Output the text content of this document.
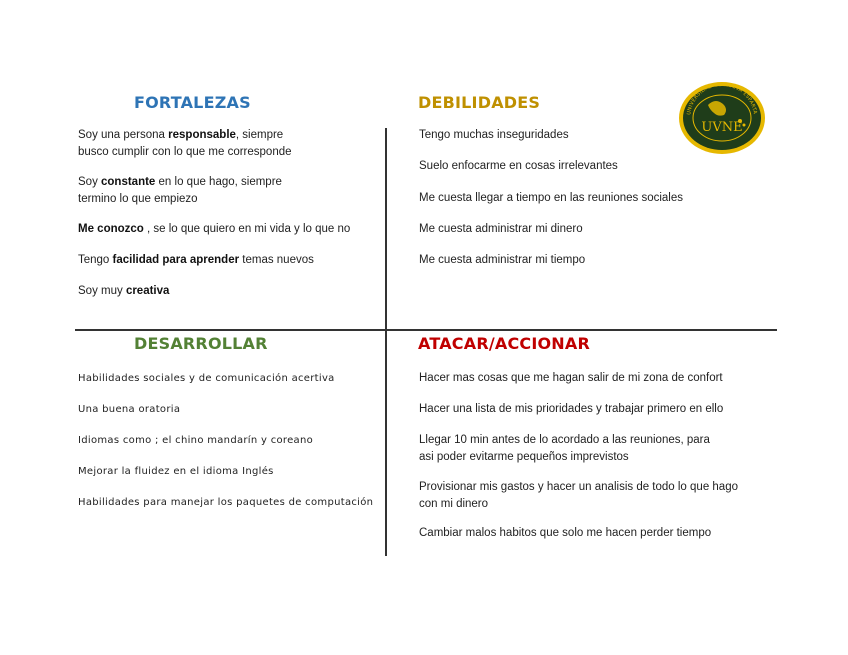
FORTALEZAS	DEBILIDADES
DESARROLLAR	ATACAR/ACCIONAR
Soy una persona responsable, siempre
busco cumplir con lo que me corresponde
Soy constante en lo que hago, siempre
termino lo que empiezo
Me conozco , se lo que quiero en mi vida y lo que no
Tengo facilidad para aprender temas nuevos
Soy muy creativa
Tengo muchas inseguridades
Suelo enfocarme en cosas irrelevantes
Me cuesta llegar a tiempo en las reuniones sociales
Me cuesta administrar mi dinero
Me cuesta administrar mi tiempo
Habilidades sociales y de comunicación acertiva
Una buena oratoria
Idiomas como ; el chino mandarín y coreano
Mejorar la fluidez en el idioma Inglés
Habilidades para manejar los paquetes de computación
Hacer mas cosas que me hagan salir de mi zona de confort
Hacer una lista de mis prioridades y trabajar primero en ello
Llegar 10 min antes de lo acordado a las reuniones, para
asi poder evitarme pequeños imprevistos
Provisionar mis gastos y hacer un analisis de todo lo que hago
con mi dinero
Cambiar malos habitos que solo me hacen perder tiempo
UNIVERSIDAD DE NUEVA ESPARTA
UVNE
